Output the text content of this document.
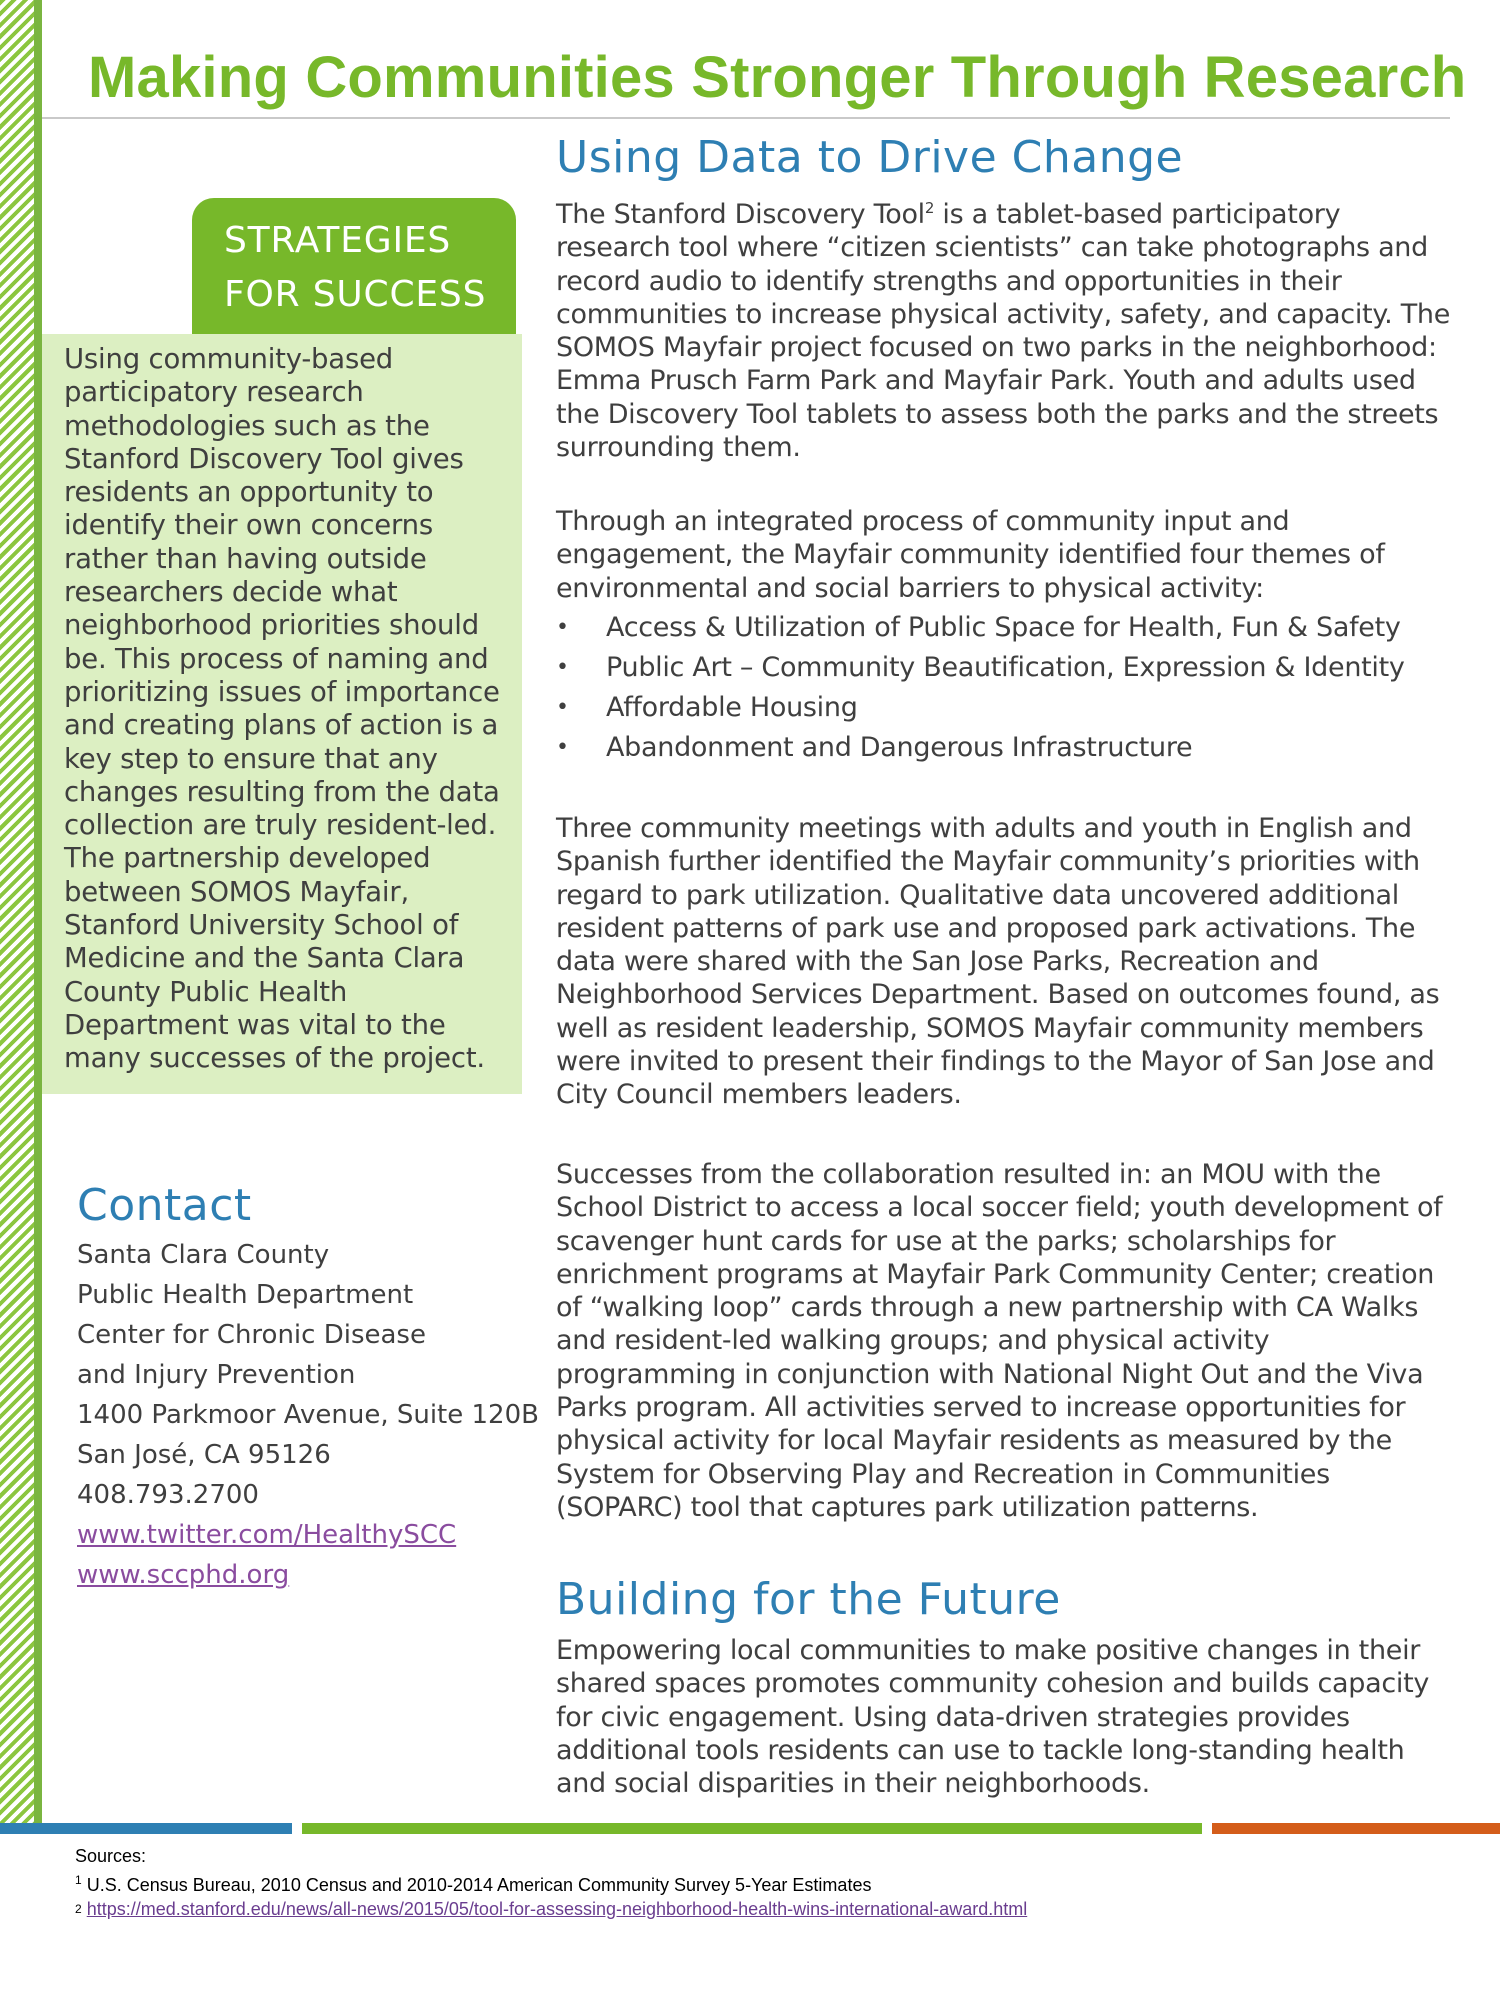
Making Communities Stronger Through Research
STRATEGIES
FOR SUCCESS

Using community-based participatory research methodologies such as the Stanford Discovery Tool gives residents an opportunity to identify their own concerns rather than having outside researchers decide what neighborhood priorities should be. This process of naming and prioritizing issues of importance and creating plans of action is a key step to ensure that any changes resulting from the data collection are truly resident-led. The partnership developed between SOMOS Mayfair, Stanford University School of Medicine and the Santa Clara County Public Health Department was vital to the many successes of the project.

Contact
Santa Clara County
Public Health Department
Center for Chronic Disease
and Injury Prevention
1400 Parkmoor Avenue, Suite 120B
San José, CA 95126
408.793.2700
www.twitter.com/HealthySCC
www.sccphd.org
Using Data to Drive Change

The Stanford Discovery Tool$^2$ is a tablet-based participatory research tool where “citizen scientists” can take photographs and record audio to identify strengths and opportunities in their communities to increase physical activity, safety, and capacity. The SOMOS Mayfair project focused on two parks in the neighborhood: Emma Prusch Farm Park and Mayfair Park. Youth and adults used the Discovery Tool tablets to assess both the parks and the streets surrounding them.

Through an integrated process of community input and engagement, the Mayfair community identified four themes of environmental and social barriers to physical activity:

• Access & Utilization of Public Space for Health, Fun & Safety
• Public Art – Community Beautification, Expression & Identity
• Affordable Housing
• Abandonment and Dangerous Infrastructure

Three community meetings with adults and youth in English and Spanish further identified the Mayfair community’s priorities with regard to park utilization. Qualitative data uncovered additional resident patterns of park use and proposed park activations. The data were shared with the San Jose Parks, Recreation and Neighborhood Services Department. Based on outcomes found, as well as resident leadership, SOMOS Mayfair community members were invited to present their findings to the Mayor of San Jose and City Council members leaders.

Successes from the collaboration resulted in: an MOU with the School District to access a local soccer field; youth development of scavenger hunt cards for use at the parks; scholarships for enrichment programs at Mayfair Park Community Center; creation of “walking loop” cards through a new partnership with CA Walks and resident-led walking groups; and physical activity programming in conjunction with National Night Out and the Viva Parks program. All activities served to increase opportunities for physical activity for local Mayfair residents as measured by the System for Observing Play and Recreation in Communities (SOPARC) tool that captures park utilization patterns.

Building for the Future

Empowering local communities to make positive changes in their shared spaces promotes community cohesion and builds capacity for civic engagement. Using data-driven strategies provides additional tools residents can use to tackle long-standing health and social disparities in their neighborhoods.

Sources:

$^1$ U.S. Census Bureau, 2010 Census and 2010-2014 American Community Survey 5-Year Estimates

$^2$ https://med.stanford.edu/news/all-news/2015/05/tool-for-assessing-neighborhood-health-wins-international-award.html
